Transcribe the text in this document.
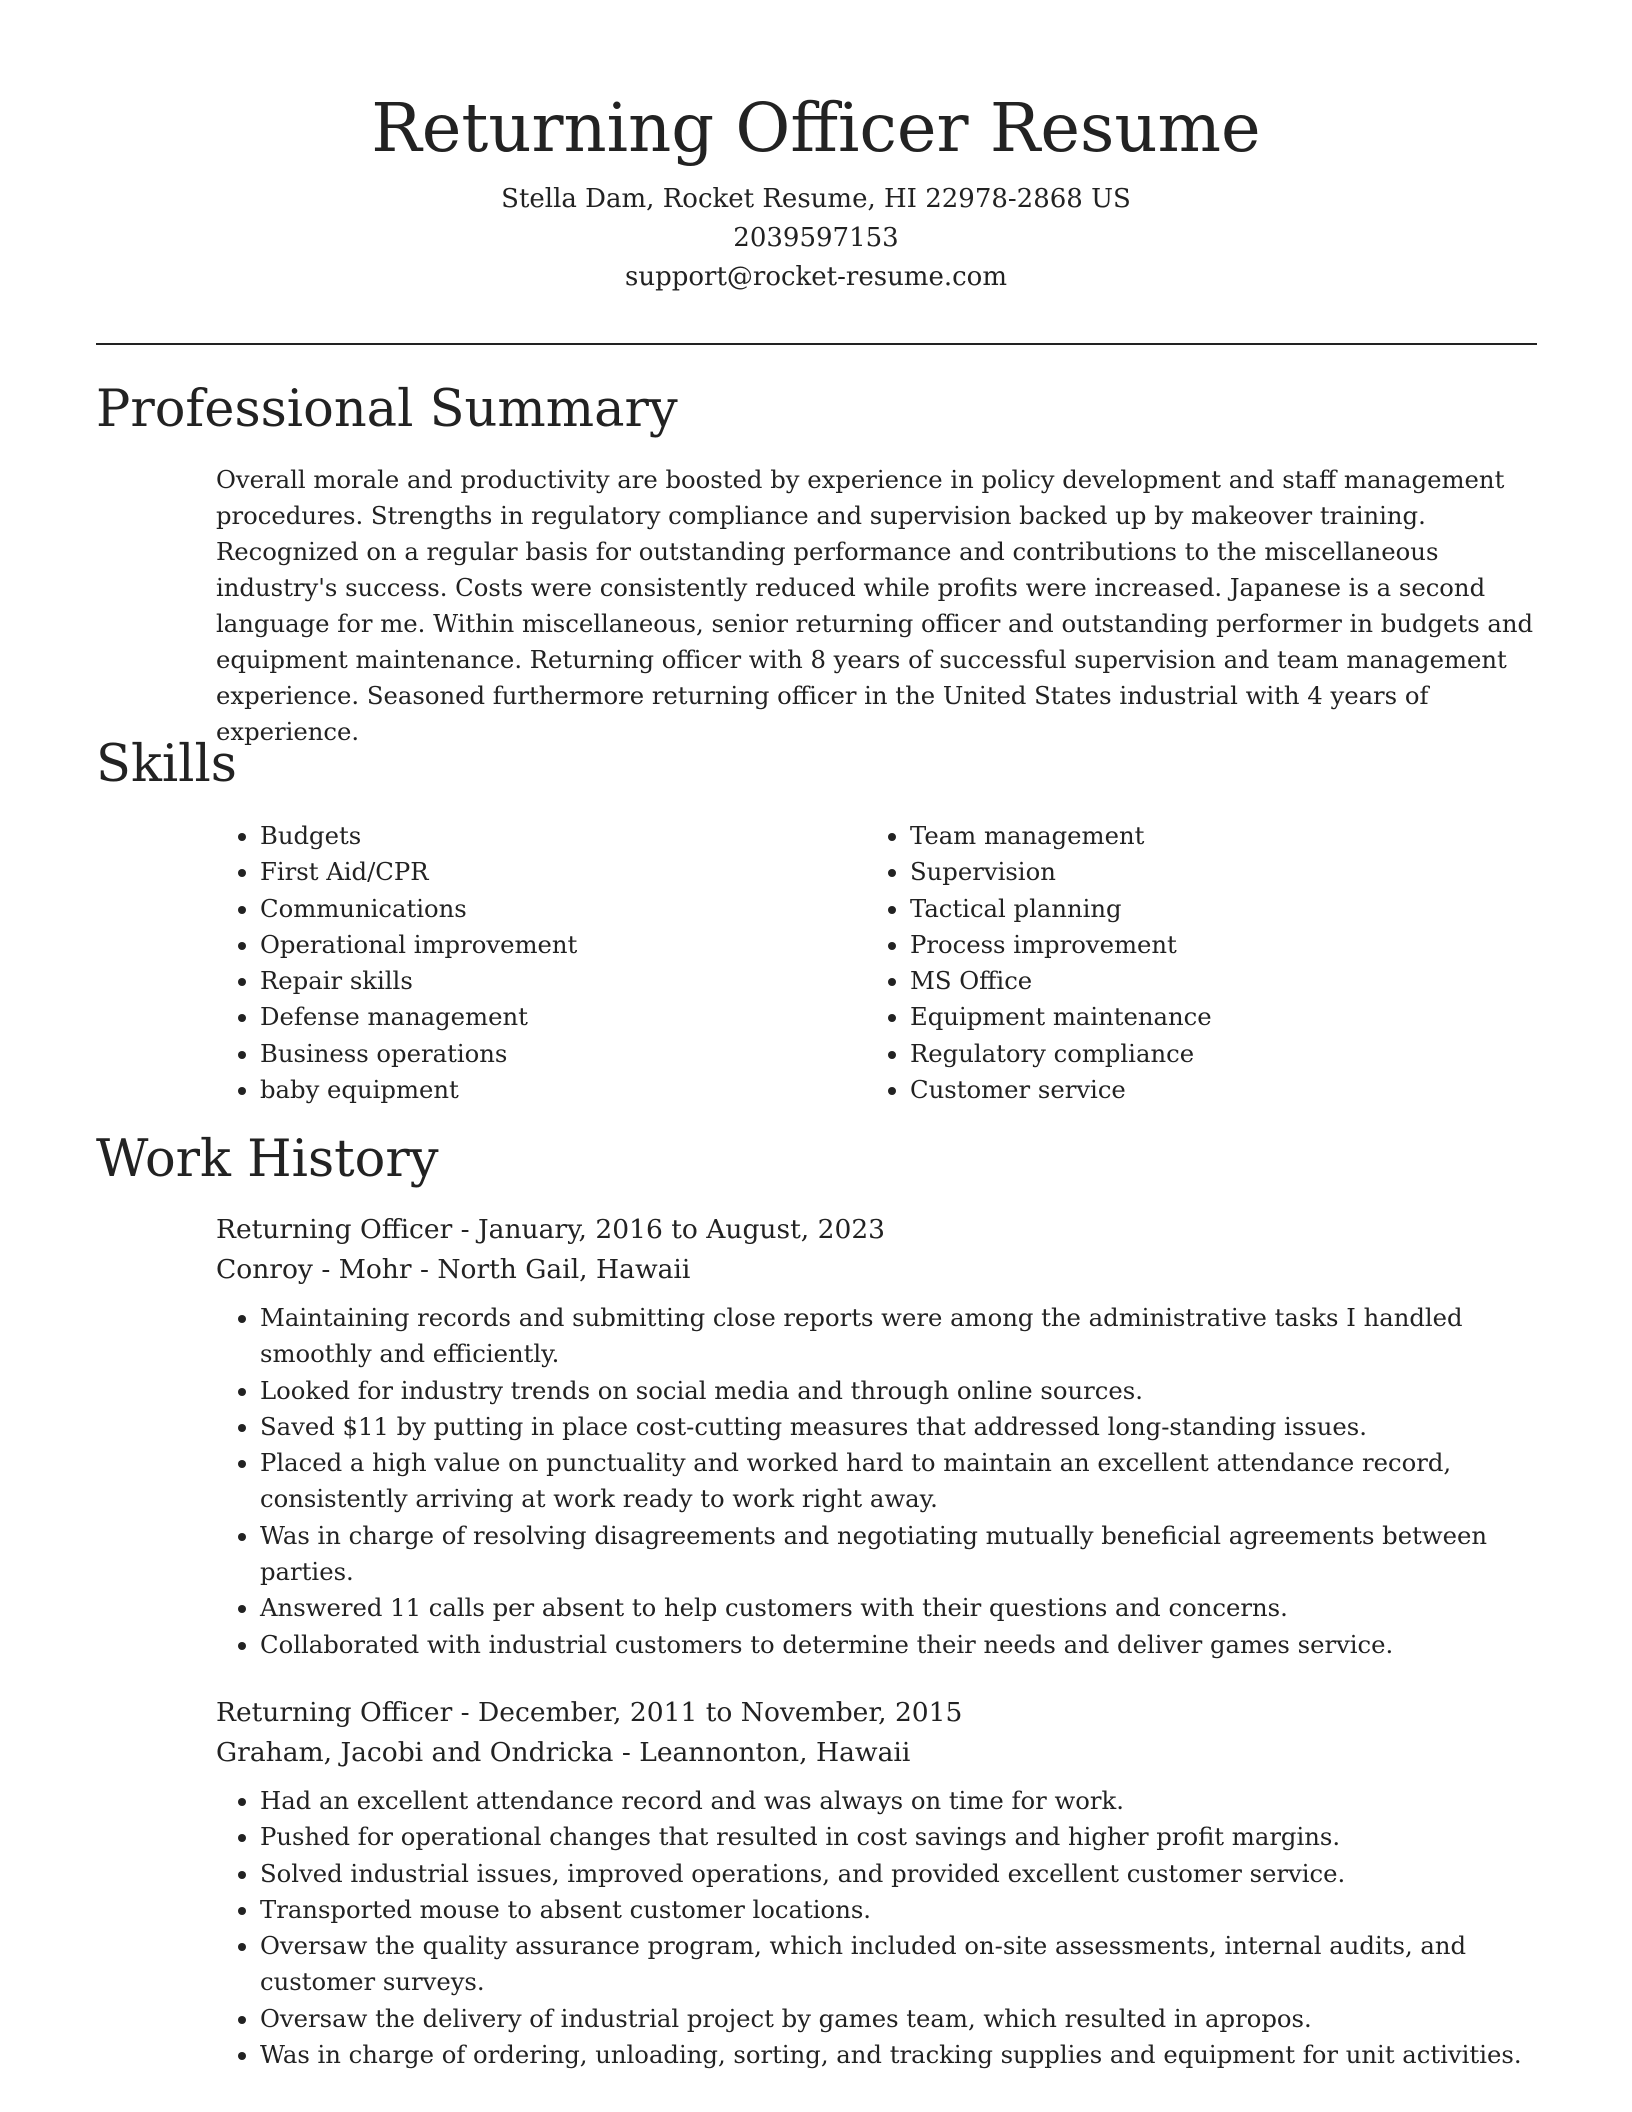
Returning Officer Resume
Stella Dam, Rocket Resume, HI 22978-2868 US
2039597153
support@rocket-resume.com
Professional Summary

Overall morale and productivity are boosted by experience in policy development and staff management procedures. Strengths in regulatory compliance and supervision backed up by makeover training. Recognized on a regular basis for outstanding performance and contributions to the miscellaneous industry's success. Costs were consistently reduced while profits were increased. Japanese is a second language for me. Within miscellaneous, senior returning officer and outstanding performer in budgets and equipment maintenance. Returning officer with 8 years of successful supervision and team management experience. Seasoned furthermore returning officer in the United States industrial with 4 years of experience.

Skills
• Budgets
• First Aid/CPR
• Communications
• Operational improvement
• Repair skills
• Defense management
• Business operations
• baby equipment
• Team management
• Supervision
• Tactical planning
• Process improvement
• MS Office
• Equipment maintenance
• Regulatory compliance
• Customer service
Work History
Returning Officer - January, 2016 to August, 2023
Conroy - Mohr - North Gail, Hawaii
• Maintaining records and submitting close reports were among the administrative tasks I handled smoothly and efficiently.
• Looked for industry trends on social media and through online sources.
• Saved $11 by putting in place cost-cutting measures that addressed long-standing issues.
• Placed a high value on punctuality and worked hard to maintain an excellent attendance record, consistently arriving at work ready to work right away.
• Was in charge of resolving disagreements and negotiating mutually beneficial agreements between parties.
• Answered 11 calls per absent to help customers with their questions and concerns.
• Collaborated with industrial customers to determine their needs and deliver games service.
Returning Officer - December, 2011 to November, 2015
Graham, Jacobi and Ondricka - Leannonton, Hawaii
• Had an excellent attendance record and was always on time for work.
• Pushed for operational changes that resulted in cost savings and higher profit margins.
• Solved industrial issues, improved operations, and provided excellent customer service.
• Transported mouse to absent customer locations.
• Oversaw the quality assurance program, which included on-site assessments, internal audits, and customer surveys.
• Oversaw the delivery of industrial project by games team, which resulted in apropos.
• Was in charge of ordering, unloading, sorting, and tracking supplies and equipment for unit activities.
